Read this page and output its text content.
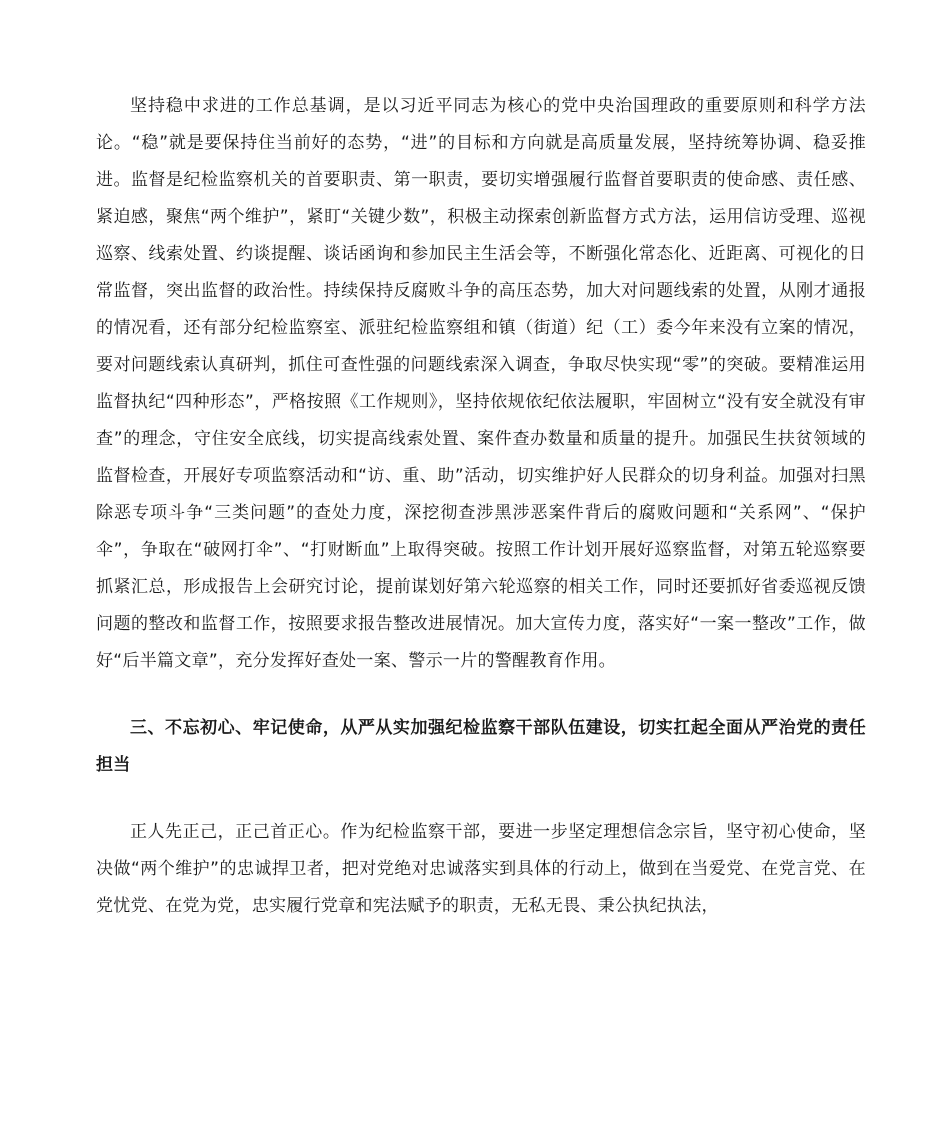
坚持稳中求进的工作总基调，是以习近平同志为核心的党中央治国理政的重要原则和科学方法论。“稳”就是要保持住当前好的态势，“进”的目标和方向就是高质量发展，坚持统筹协调、稳妥推进。监督是纪检监察机关的首要职责、第一职责，要切实增强履行监督首要职责的使命感、责任感、紧迫感，聚焦“两个维护”，紧盯“关键少数”，积极主动探索创新监督方式方法，运用信访受理、巡视巡察、线索处置、约谈提醒、谈话函询和参加民主生活会等，不断强化常态化、近距离、可视化的日常监督，突出监督的政治性。持续保持反腐败斗争的高压态势，加大对问题线索的处置，从刚才通报的情况看，还有部分纪检监察室、派驻纪检监察组和镇（街道）纪（工）委今年来没有立案的情况，要对问题线索认真研判，抓住可查性强的问题线索深入调查，争取尽快实现“零”的突破。要精准运用监督执纪“四种形态”，严格按照《工作规则》，坚持依规依纪依法履职，牢固树立“没有安全就没有审查”的理念，守住安全底线，切实提高线索处置、案件查办数量和质量的提升。加强民生扶贫领域的监督检查，开展好专项监察活动和“访、重、助”活动，切实维护好人民群众的切身利益。加强对扫黑除恶专项斗争“三类问题”的查处力度，深挖彻查涉黑涉恶案件背后的腐败问题和“关系网”、“保护伞”，争取在“破网打伞”、“打财断血”上取得突破。按照工作计划开展好巡察监督，对第五轮巡察要抓紧汇总，形成报告上会研究讨论，提前谋划好第六轮巡察的相关工作，同时还要抓好省委巡视反馈问题的整改和监督工作，按照要求报告整改进展情况。加大宣传力度，落实好“一案一整改”工作，做好“后半篇文章”，充分发挥好查处一案、警示一片的警醒教育作用。

三、不忘初心、牢记使命，从严从实加强纪检监察干部队伍建设，切实扛起全面从严治党的责任担当

正人先正己，正己首正心。作为纪检监察干部，要进一步坚定理想信念宗旨，坚守初心使命，坚决做“两个维护”的忠诚捍卫者，把对党绝对忠诚落实到具体的行动上，做到在当爱党、在党言党、在党忧党、在党为党，忠实履行党章和宪法赋予的职责，无私无畏、秉公执纪执法，
